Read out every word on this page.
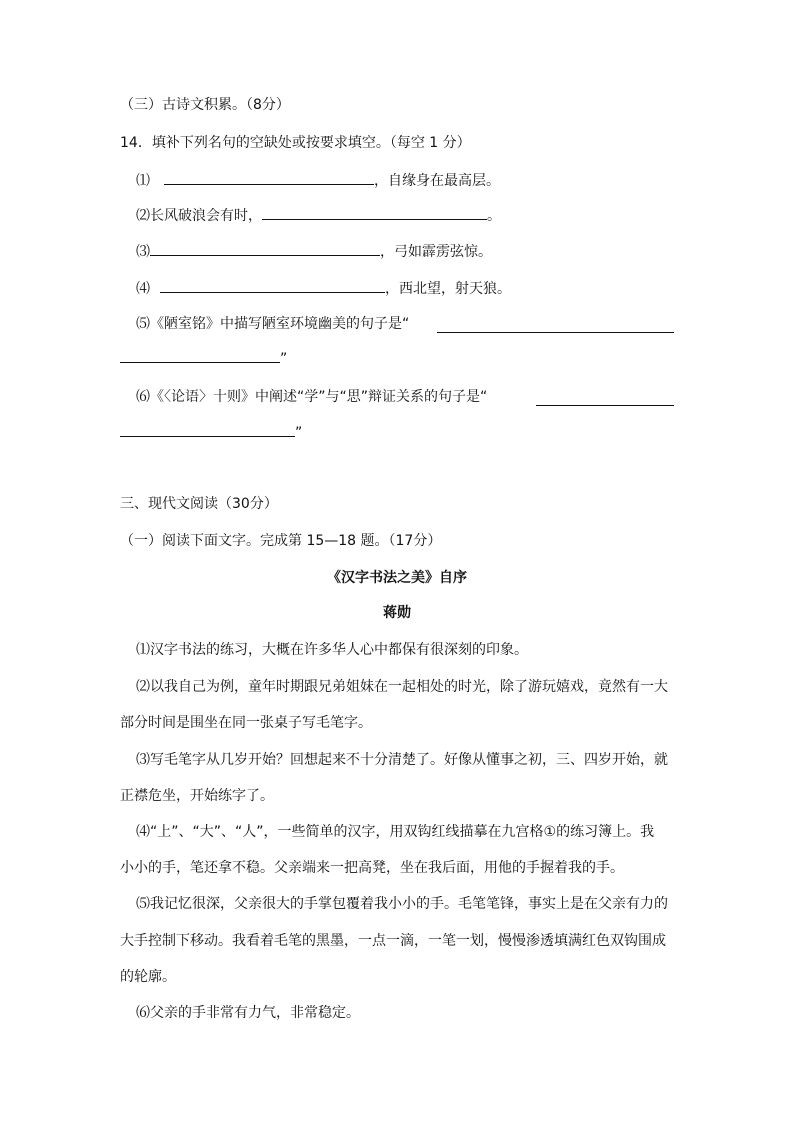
（三）古诗文积累。（8分）
14．填补下列名句的空缺处或按要求填空。（每空 1 分）
⑴	，自缘身在最高层。
⑵长风破浪会有时，	。
⑶	，弓如霹雳弦惊。
⑷	，西北望，射天狼。
⑸《陋室铭》中描写陋室环境幽美的句子是“
”
⑹《〈论语〉十则》中阐述“学”与“思”辩证关系的句子是“
”
三、现代文阅读（30分）
（一）阅读下面文字。完成第 15—18 题。（17分）
《汉字书法之美》自序
蒋勋
⑴汉字书法的练习，大概在许多华人心中都保有很深刻的印象。
⑵以我自己为例，童年时期跟兄弟姐妹在一起相处的时光，除了游玩嬉戏，竟然有一大
部分时间是围坐在同一张桌子写毛笔字。
⑶写毛笔字从几岁开始？回想起来不十分清楚了。好像从懂事之初，三、四岁开始，就
正襟危坐，开始练字了。
⑷“上”、“大”、“人”，一些简单的汉字，用双钩红线描摹在九宫格①的练习簿上。我
小小的手，笔还拿不稳。父亲端来一把高凳，坐在我后面，用他的手握着我的手。
⑸我记忆很深，父亲很大的手掌包覆着我小小的手。毛笔笔锋，事实上是在父亲有力的
大手控制下移动。我看着毛笔的黑墨，一点一滴，一笔一划，慢慢渗透填满红色双钩围成
的轮廓。
⑹父亲的手非常有力气，非常稳定。
